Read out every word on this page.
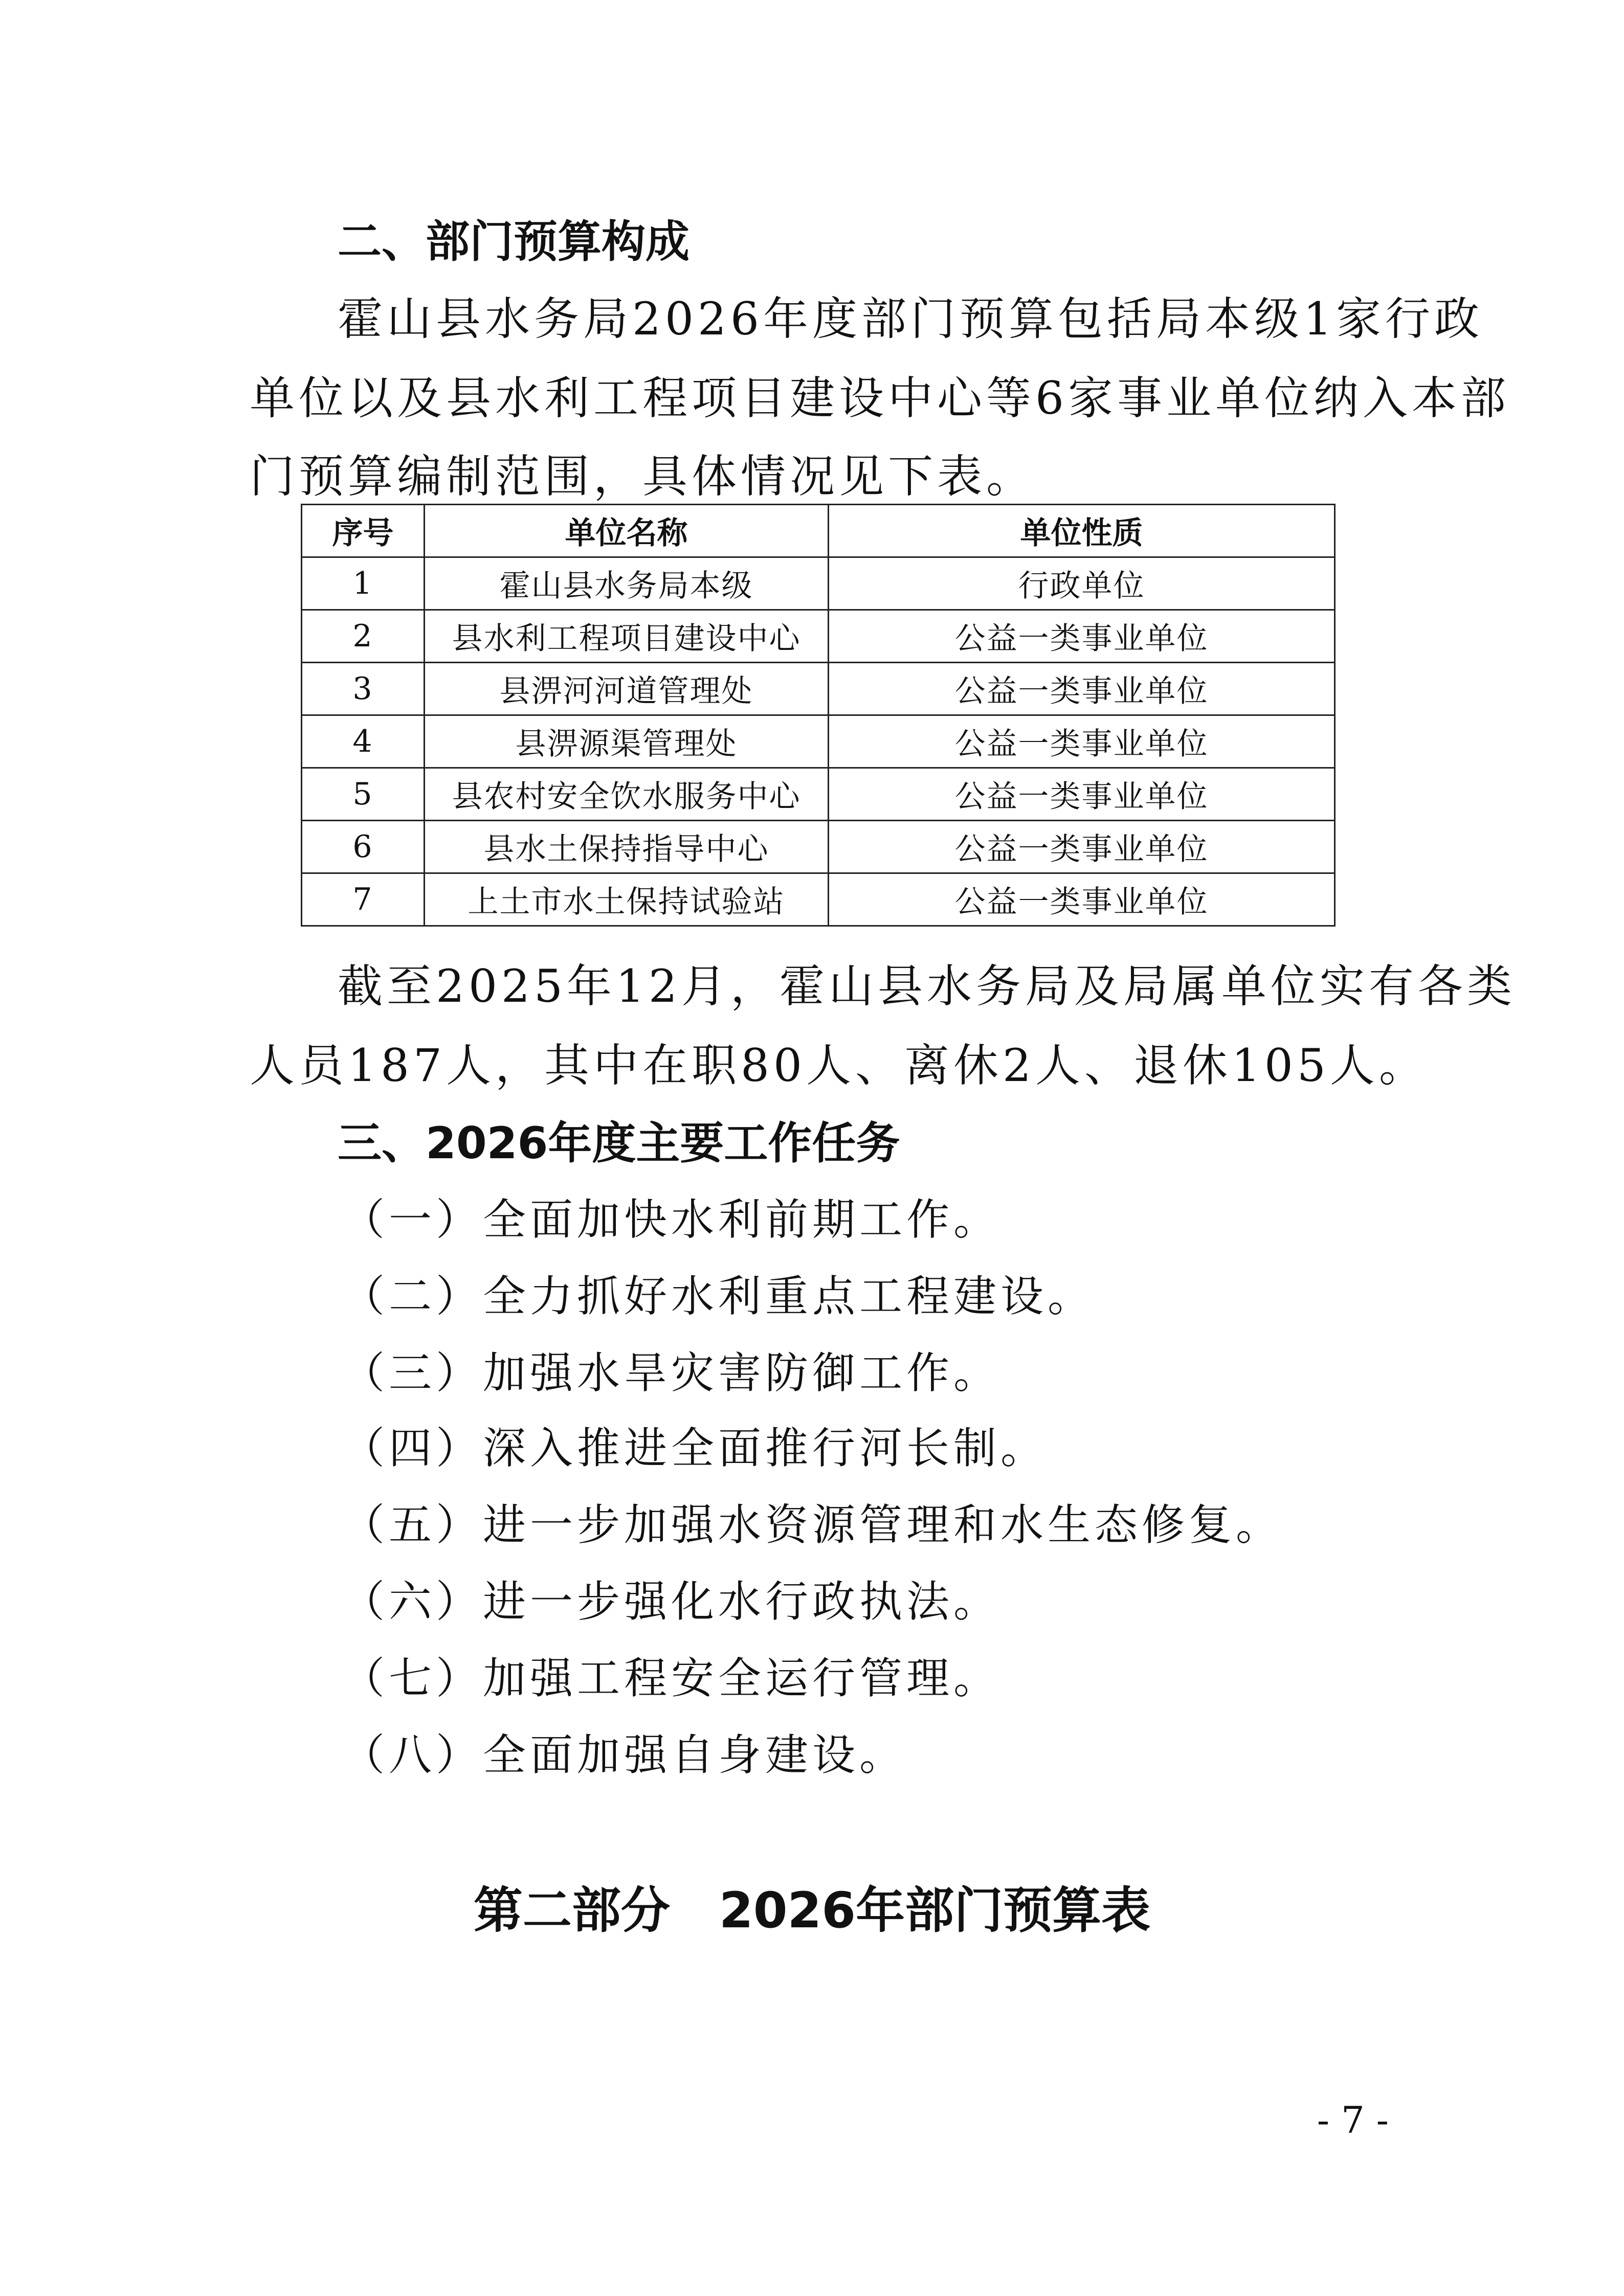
二、部门预算构成
霍山县水务局2026年度部门预算包括局本级1家行政
单位以及县水利工程项目建设中心等6家事业单位纳入本部
门预算编制范围，具体情况见下表。
序号	单位名称	单位性质
1	霍山县水务局本级	行政单位
2	县水利工程项目建设中心	公益一类事业单位
3	县淠河河道管理处	公益一类事业单位
4	县淠源渠管理处	公益一类事业单位
5	县农村安全饮水服务中心	公益一类事业单位
6	县水土保持指导中心	公益一类事业单位
7	上土市水土保持试验站	公益一类事业单位
截至2025年12月，霍山县水务局及局属单位实有各类
人员187人，其中在职80人、离休2人、退休105人。
三、2026年度主要工作任务
（一）全面加快水利前期工作。
（二）全力抓好水利重点工程建设。
（三）加强水旱灾害防御工作。
（四）深入推进全面推行河长制。
（五）进一步加强水资源管理和水生态修复。
（六）进一步强化水行政执法。
（七）加强工程安全运行管理。
（八）全面加强自身建设。
第二部分　2026年部门预算表
- 7 -
